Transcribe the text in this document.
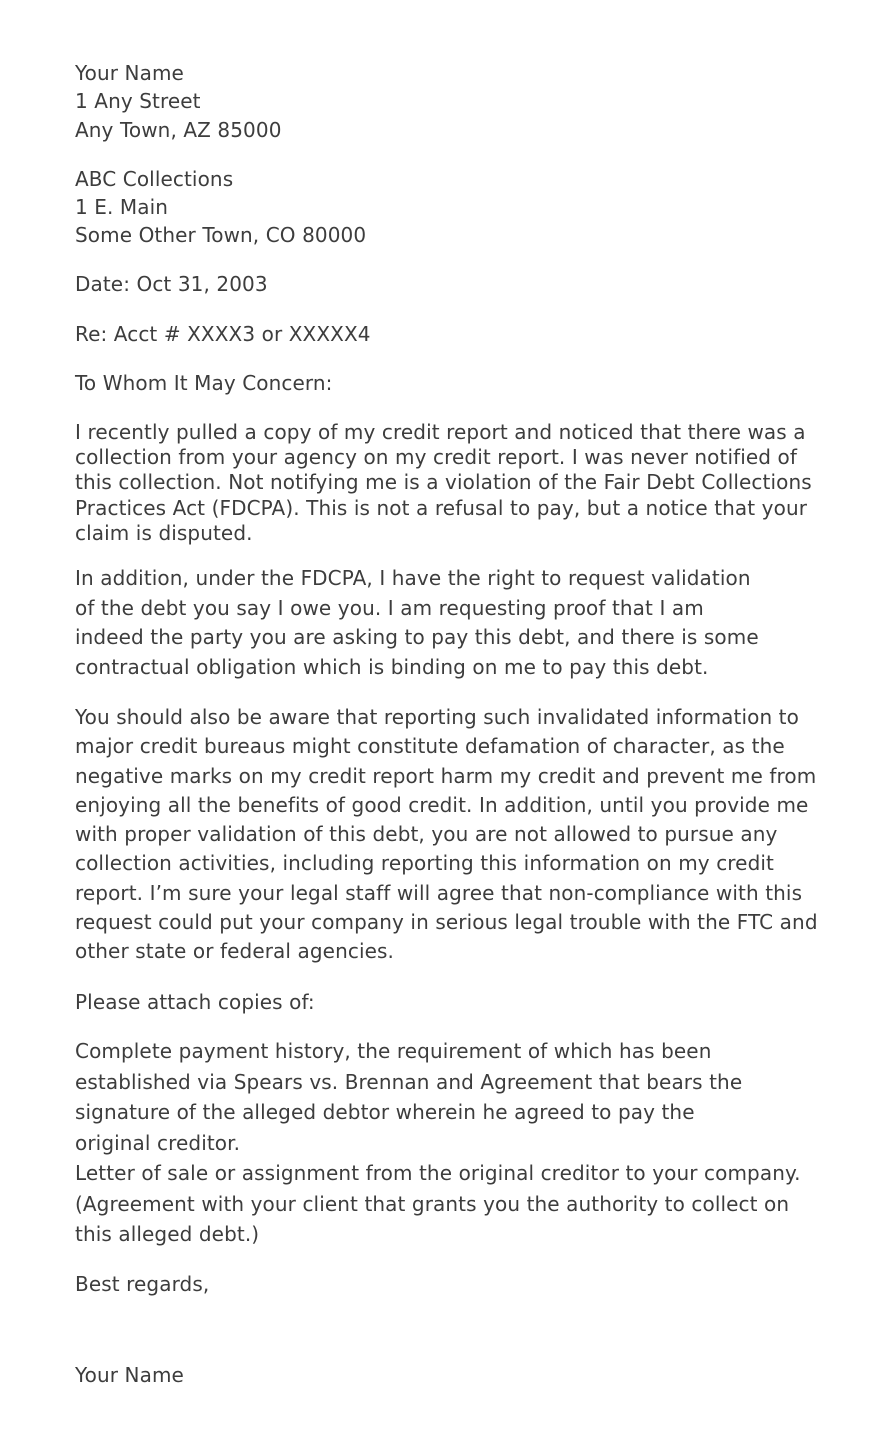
Your Name
1 Any Street
Any Town, AZ 85000
ABC Collections
1 E. Main
Some Other Town, CO 80000
Date: Oct 31, 2003
Re: Acct # XXXX3 or XXXXX4
To Whom It May Concern:
I recently pulled a copy of my credit report and noticed that there was a
collection from your agency on my credit report. I was never notified of
this collection. Not notifying me is a violation of the Fair Debt Collections
Practices Act (FDCPA). This is not a refusal to pay, but a notice that your
claim is disputed.
In addition, under the FDCPA, I have the right to request validation
of the debt you say I owe you. I am requesting proof that I am
indeed the party you are asking to pay this debt, and there is some
contractual obligation which is binding on me to pay this debt.
You should also be aware that reporting such invalidated information to
major credit bureaus might constitute defamation of character, as the
negative marks on my credit report harm my credit and prevent me from
enjoying all the benefits of good credit. In addition, until you provide me
with proper validation of this debt, you are not allowed to pursue any
collection activities, including reporting this information on my credit
report. I’m sure your legal staff will agree that non-compliance with this
request could put your company in serious legal trouble with the FTC and
other state or federal agencies.
Please attach copies of:
Complete payment history, the requirement of which has been
established via Spears vs. Brennan and Agreement that bears the
signature of the alleged debtor wherein he agreed to pay the
original creditor.
Letter of sale or assignment from the original creditor to your company.
(Agreement with your client that grants you the authority to collect on
this alleged debt.)
Best regards,
Your Name
